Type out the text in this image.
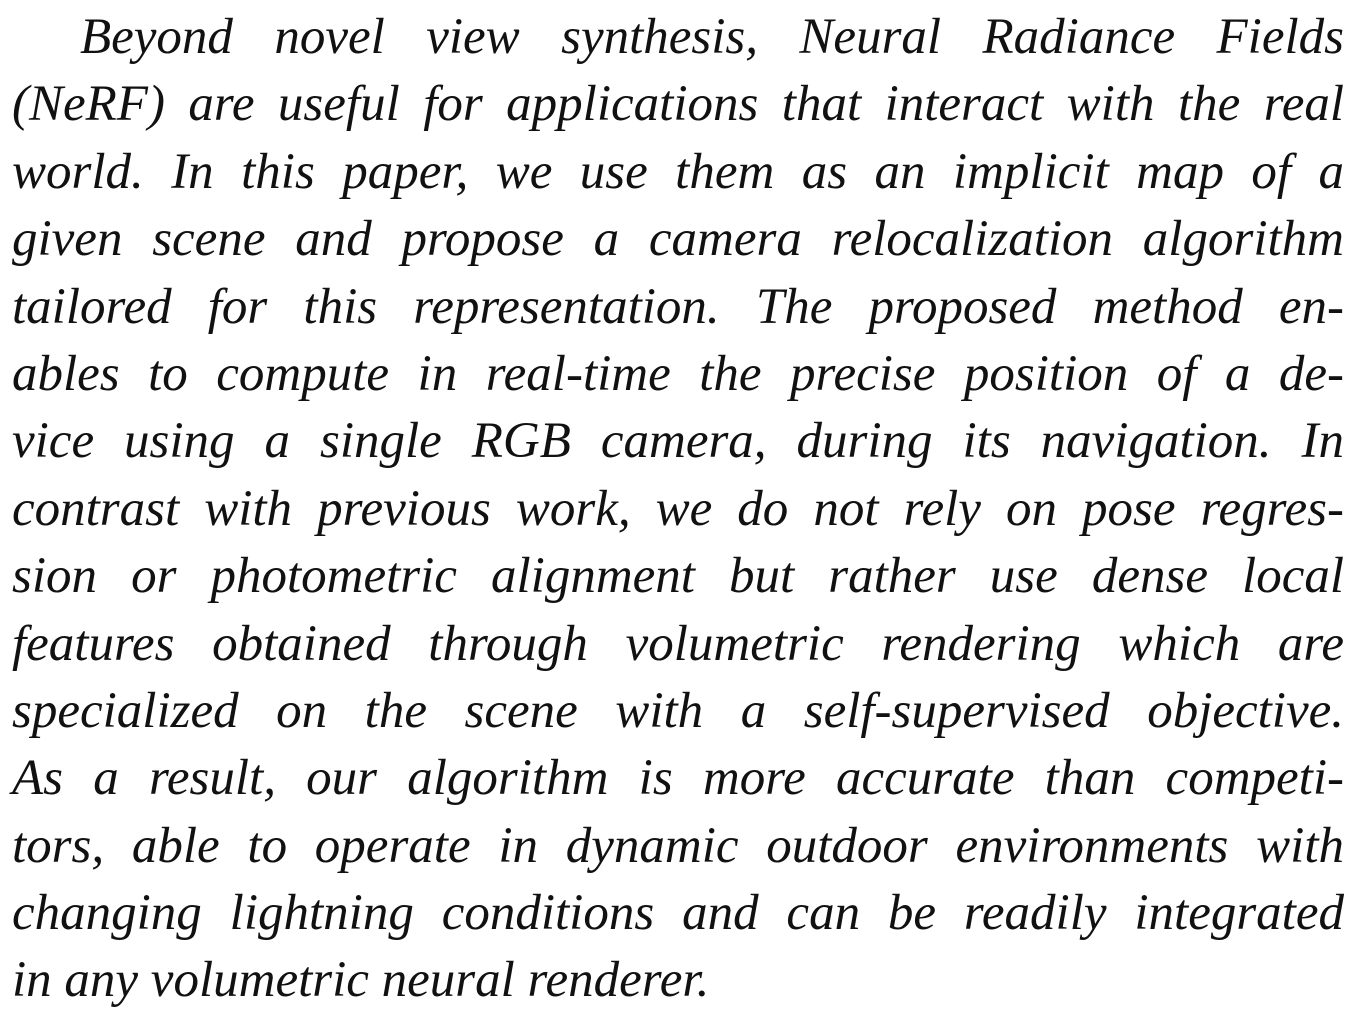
Beyond novel view synthesis, Neural Radiance Fields
(NeRF) are useful for applications that interact with the real
world. In this paper, we use them as an implicit map of a
given scene and propose a camera relocalization algorithm
tailored for this representation. The proposed method en-
ables to compute in real-time the precise position of a de-
vice using a single RGB camera, during its navigation. In
contrast with previous work, we do not rely on pose regres-
sion or photometric alignment but rather use dense local
features obtained through volumetric rendering which are
specialized on the scene with a self-supervised objective.
As a result, our algorithm is more accurate than competi-
tors, able to operate in dynamic outdoor environments with
changing lightning conditions and can be readily integrated
in any volumetric neural renderer.
